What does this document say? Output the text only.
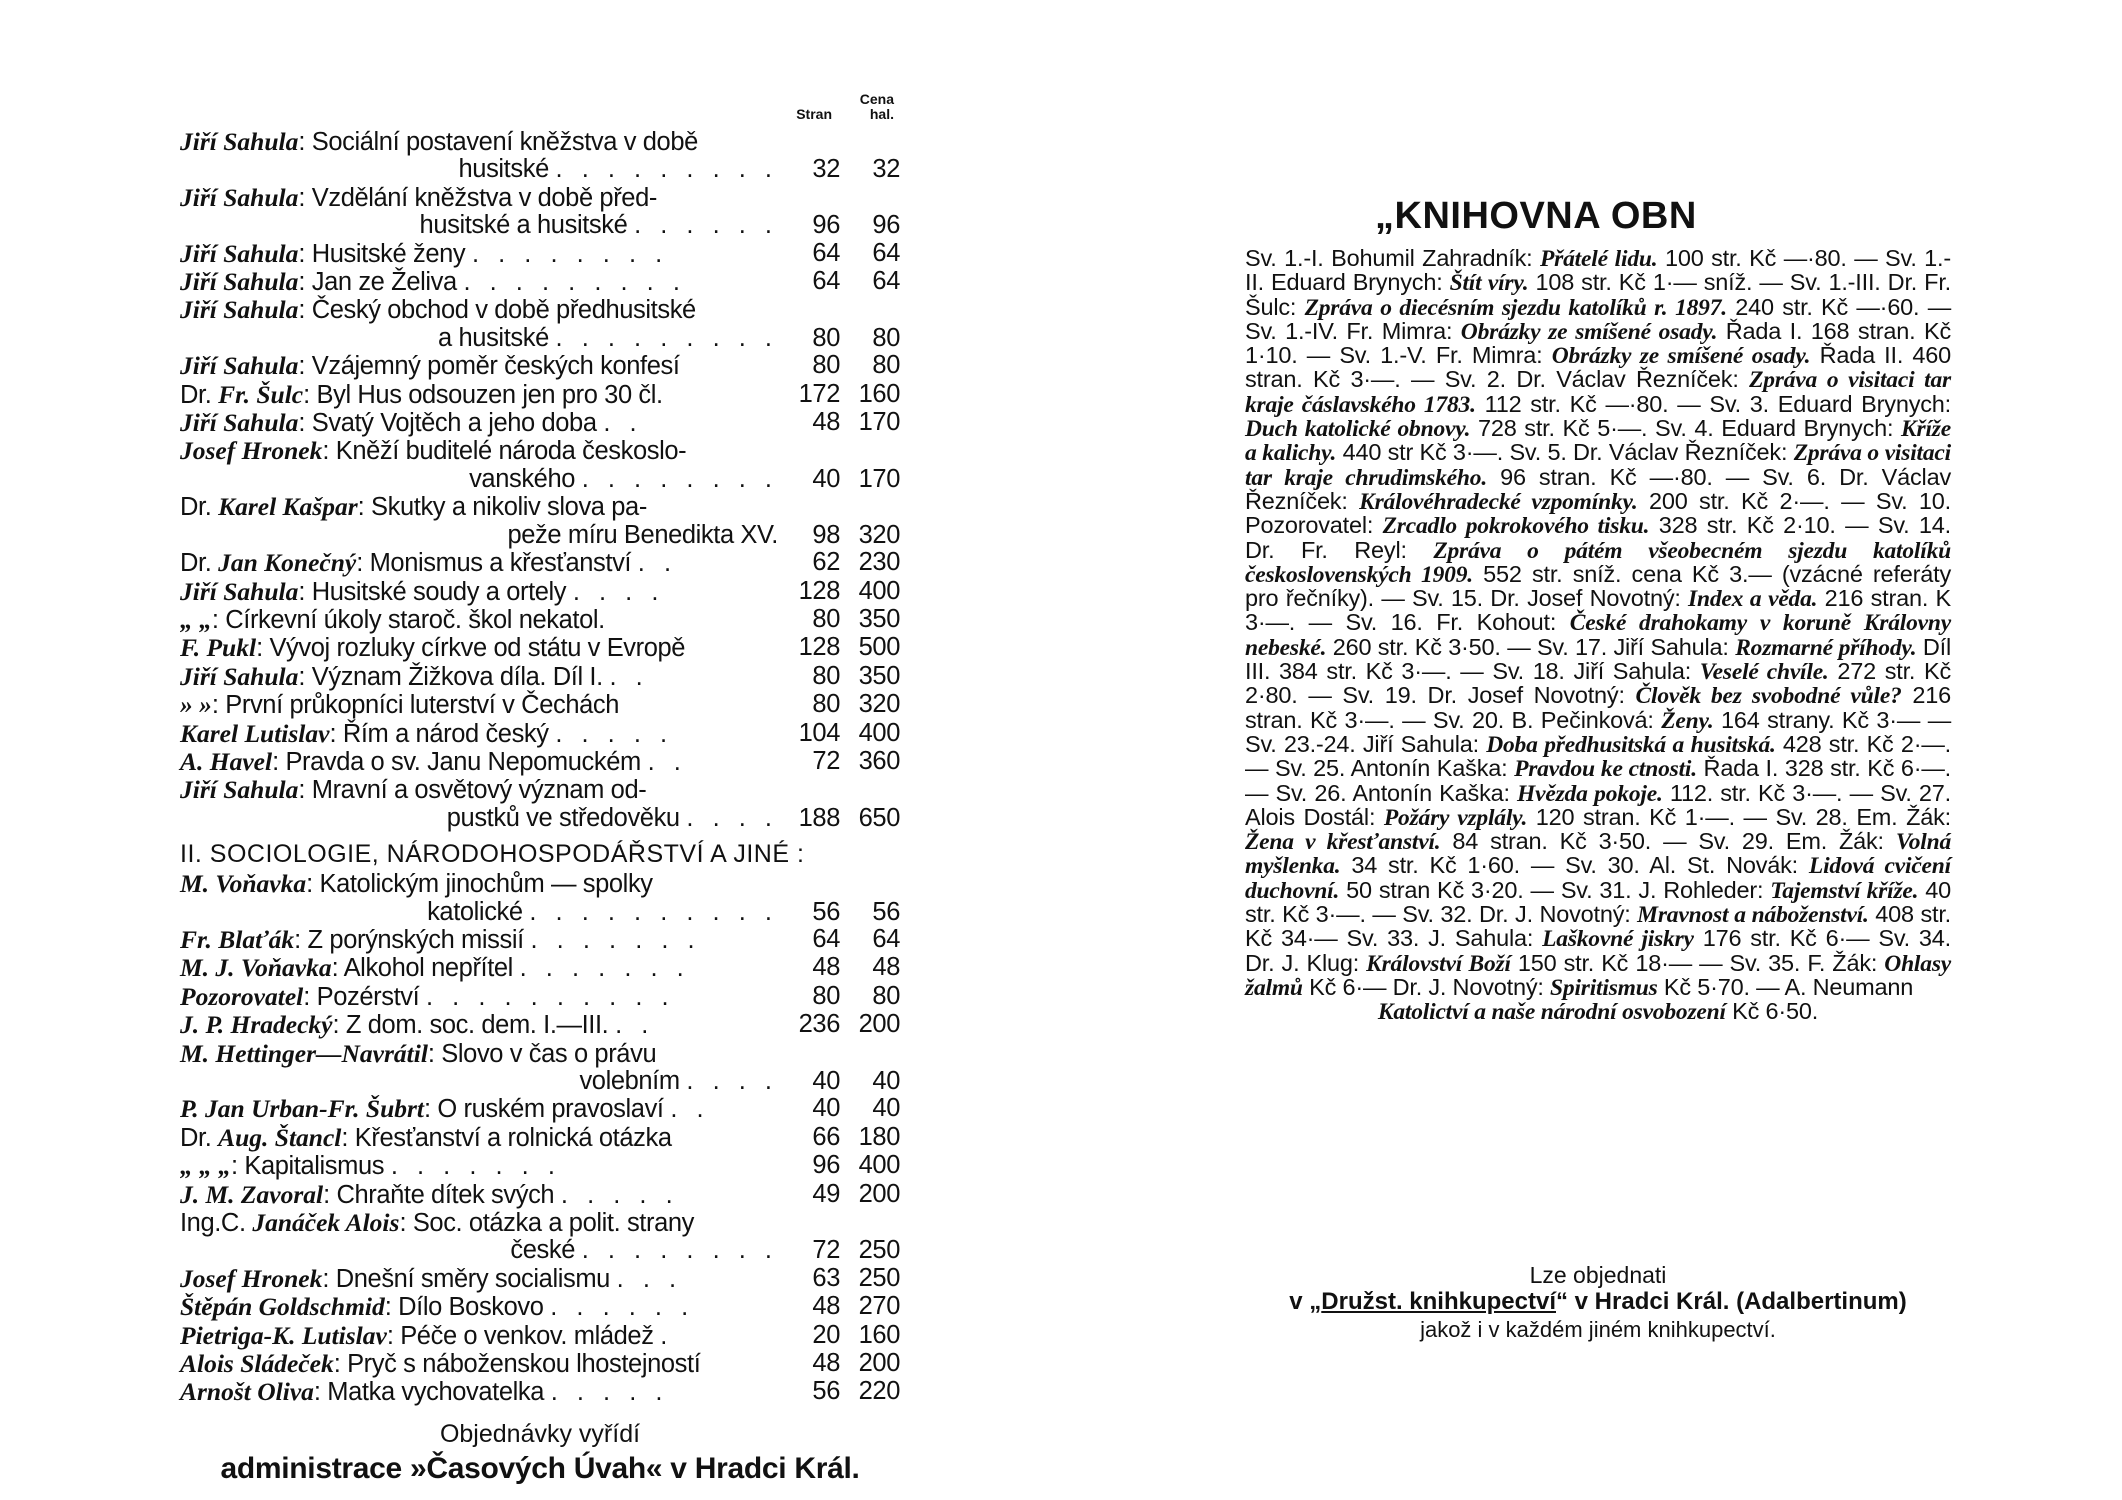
Stran
Cena hal.
Jiří Sahula: Sociální postavení kněžstva v době
husitské . . . . . . . . .	32	32
Jiří Sahula: Vzdělání kněžstva v době před-
husitské a husitské . . . . . .	96	96
Jiří Sahula: Husitské ženy . . . . . . . .	64	64
Jiří Sahula: Jan ze Želiva . . . . . . . . .	64	64
Jiří Sahula: Český obchod v době předhusitské
a husitské . . . . . . . . .	80	80
Jiří Sahula: Vzájemný poměr českých konfesí	80	80
Dr. Fr. Šulc: Byl Hus odsouzen jen pro 30 čl.	172 160
Jiří Sahula: Svatý Vojtěch a jeho doba . .	48 170
Josef Hronek: Kněží buditelé národa českoslo-
vanského . . . . . . . .	40 170
Dr. Karel Kašpar: Skutky a nikoliv slova pa-
peže míru Benedikta XV.	98 320
Dr. Jan Konečný: Monismus a křesťanství . .	62 230
Jiří Sahula: Husitské soudy a ortely . . . .	128 400
„ „: Církevní úkoly staroč. škol nekatol.	80 350
F. Pukl: Vývoj rozluky církve od státu v Evropě	128 500
Jiří Sahula: Význam Žižkova díla. Díl I. . .	80 350
» »: První průkopníci luterství v Čechách	80 320
Karel Lutislav: Řím a národ český . . . . .	104 400
A. Havel: Pravda o sv. Janu Nepomuckém . .	72 360
Jiří Sahula: Mravní a osvětový význam od-
pustků ve středověku . . . . 188 650
II. SOCIOLOGIE, NÁRODOHOSPODÁŘSTVÍ A JINÉ :
M. Voňavka: Katolickým jinochům — spolky
katolické . . . . . . . . . .	56	56
Fr. Blaťák: Z porýnských missií . . . . . . .	64	64
M. J. Voňavka: Alkohol nepřítel . . . . . . .	48	48
Pozorovatel: Pozérství . . . . . . . . . .	80	80
J. P. Hradecký: Z dom. soc. dem. I.—III. . .	236 200
M. Hettinger—Navrátil: Slovo v čas o právu
volebním . . . .	40	40
P. Jan Urban-Fr. Šubrt: O ruském pravoslaví . .	40	40
Dr. Aug. Štancl: Křesťanství a rolnická otázka	66 180
„ „ „: Kapitalismus . . . . . . .	96 400
J. M. Zavoral: Chraňte dítek svých . . . . .	49 200
Ing.C. Janáček Alois: Soc. otázka a polit. strany
české . . . . . . . .	72 250
Josef Hronek: Dnešní směry socialismu . . .	63 250
Štěpán Goldschmid: Dílo Boskovo . . . . . .	48 270
Pietriga-K. Lutislav: Péče o venkov. mládež .	20 160
Alois Sládeček: Pryč s náboženskou lhostejností	48 200
Arnošt Oliva: Matka vychovatelka . . . . .	56 220
Objednávky vyřídí
administrace »Časových Úvah« v Hradci Král.
„KNIHOVNA OBN
Sv. 1.-I. Bohumil Zahradník: Přátelé lidu. 100 str. Kč —·80. — Sv. 1.-II. Eduard Brynych: Štít víry. 108 str. Kč 1·— sníž. — Sv. 1.-III. Dr. Fr. Šulc: Zpráva o diecésním sjezdu katolíků r. 1897. 240 str. Kč —·60. — Sv. 1.-IV. Fr. Mimra: Obrázky ze smíšené osady. Řada I. 168 stran. Kč 1·10. — Sv. 1.-V. Fr. Mimra: Obrázky ze smíšené osady. Řada II. 460 stran. Kč 3·—. — Sv. 2. Dr. Václav Řezníček: Zpráva o visitaci tar kraje čáslavského 1783. 112 str. Kč —·80. — Sv. 3. Eduard Brynych: Duch katolické obnovy. 728 str. Kč 5·—. Sv. 4. Eduard Brynych: Kříže a kalichy. 440 str Kč 3·—. Sv. 5. Dr. Václav Řezníček: Zpráva o visitaci tar kraje chrudimského. 96 stran. Kč —·80. — Sv. 6. Dr. Václav Řezníček: Královéhradecké vzpomínky. 200 str. Kč 2·—. — Sv. 10. Pozorovatel: Zrcadlo pokrokového tisku. 328 str. Kč 2·10. — Sv. 14. Dr. Fr. Reyl: Zpráva o pátém všeobecném sjezdu katolíků československých 1909. 552 str. sníž. cena Kč 3.— (vzácné referáty pro řečníky). — Sv. 15. Dr. Josef Novotný: Index a věda. 216 stran. K 3·—. — Sv. 16. Fr. Kohout: České drahokamy v koruně Královny nebeské. 260 str. Kč 3·50. — Sv. 17. Jiří Sahula: Rozmarné příhody. Díl III. 384 str. Kč 3·—. — Sv. 18. Jiří Sahula: Veselé chvíle. 272 str. Kč 2·80. — Sv. 19. Dr. Josef Novotný: Člověk bez svobodné vůle? 216 stran. Kč 3·—. — Sv. 20. B. Pečinková: Ženy. 164 strany. Kč 3·— — Sv. 23.-24. Jiří Sahula: Doba předhusitská a husitská. 428 str. Kč 2·—. — Sv. 25. Antonín Kaška: Pravdou ke ctnosti. Řada I. 328 str. Kč 6·—. — Sv. 26. Antonín Kaška: Hvězda pokoje. 112. str. Kč 3·—. — Sv. 27. Alois Dostál: Požáry vzplály. 120 stran. Kč 1·—. — Sv. 28. Em. Žák: Žena v křesťanství. 84 stran. Kč 3·50. — Sv. 29. Em. Žák: Volná myšlenka. 34 str. Kč 1·60. — Sv. 30. Al. St. Novák: Lidová cvičení duchovní. 50 stran Kč 3·20. — Sv. 31. J. Rohleder: Tajemství kříže. 40 str. Kč 3·—. — Sv. 32. Dr. J. Novotný: Mravnost a náboženství. 408 str. Kč 34·— Sv. 33. J. Sahula: Laškovné jiskry 176 str. Kč 6·— Sv. 34. Dr. J. Klug: Království Boží 150 str. Kč 18·— — Sv. 35. F. Žák: Ohlasy žalmů Kč 6·— Dr. J. Novotný: Spiritismus Kč 5·70. — A. Neumann
Katolictví a naše národní osvobození Kč 6·50.
Lze objednati
v „Družst. knihkupectví“ v Hradci Král. (Adalbertinum)
jakož i v každém jiném knihkupectví.
